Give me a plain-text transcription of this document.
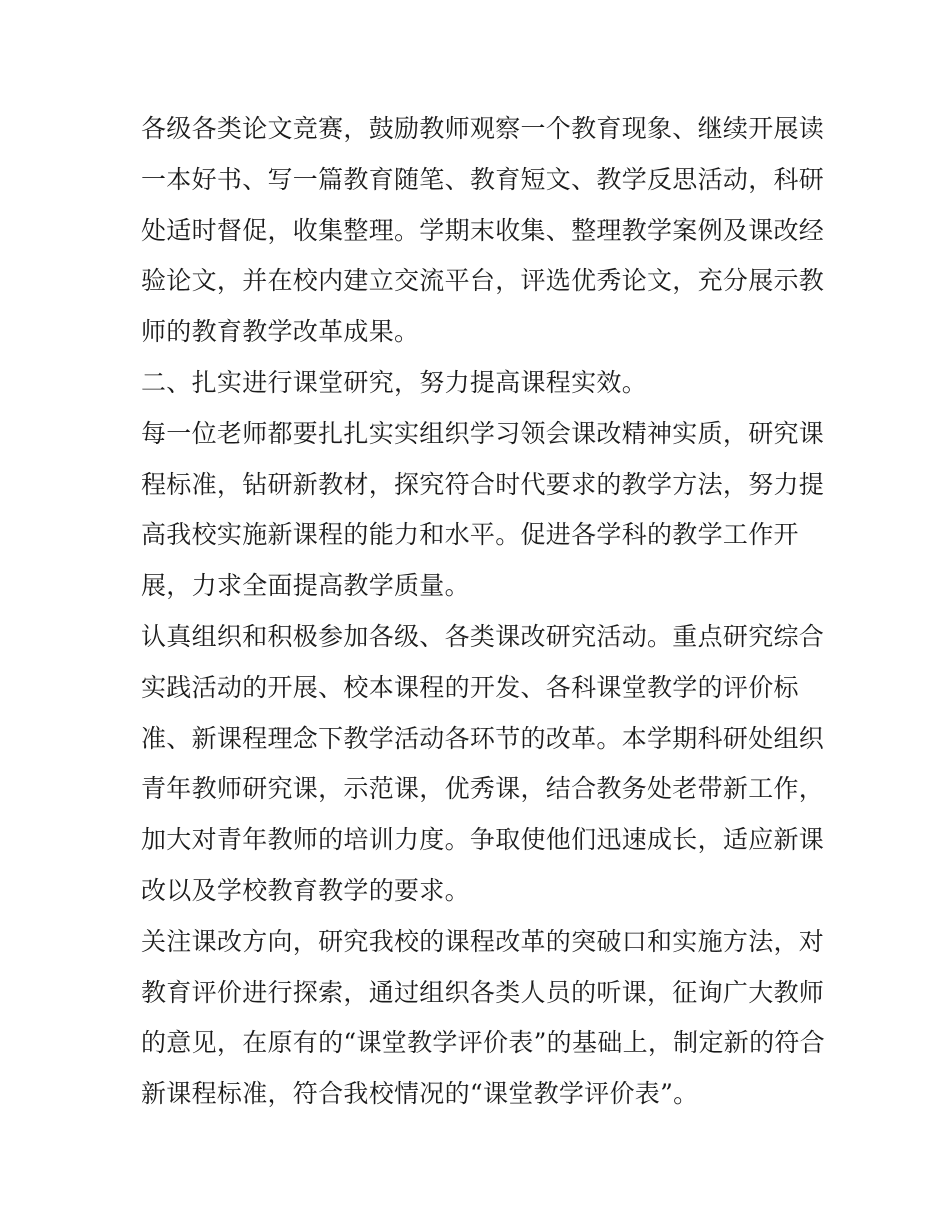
各级各类论文竞赛，鼓励教师观察一个教育现象、继续开展读

一本好书、写一篇教育随笔、教育短文、教学反思活动，科研

处适时督促，收集整理。学期末收集、整理教学案例及课改经

验论文，并在校内建立交流平台，评选优秀论文，充分展示教

师的教育教学改革成果。

二、扎实进行课堂研究，努力提高课程实效。

每一位老师都要扎扎实实组织学习领会课改精神实质，研究课

程标准，钻研新教材，探究符合时代要求的教学方法，努力提

高我校实施新课程的能力和水平。促进各学科的教学工作开

展，力求全面提高教学质量。

认真组织和积极参加各级、各类课改研究活动。重点研究综合

实践活动的开展、校本课程的开发、各科课堂教学的评价标

准、新课程理念下教学活动各环节的改革。本学期科研处组织

青年教师研究课，示范课，优秀课，结合教务处老带新工作，

加大对青年教师的培训力度。争取使他们迅速成长，适应新课

改以及学校教育教学的要求。

关注课改方向，研究我校的课程改革的突破口和实施方法，对

教育评价进行探索，通过组织各类人员的听课，征询广大教师

的意见，在原有的“课堂教学评价表”的基础上，制定新的符合

新课程标准，符合我校情况的“课堂教学评价表”。
